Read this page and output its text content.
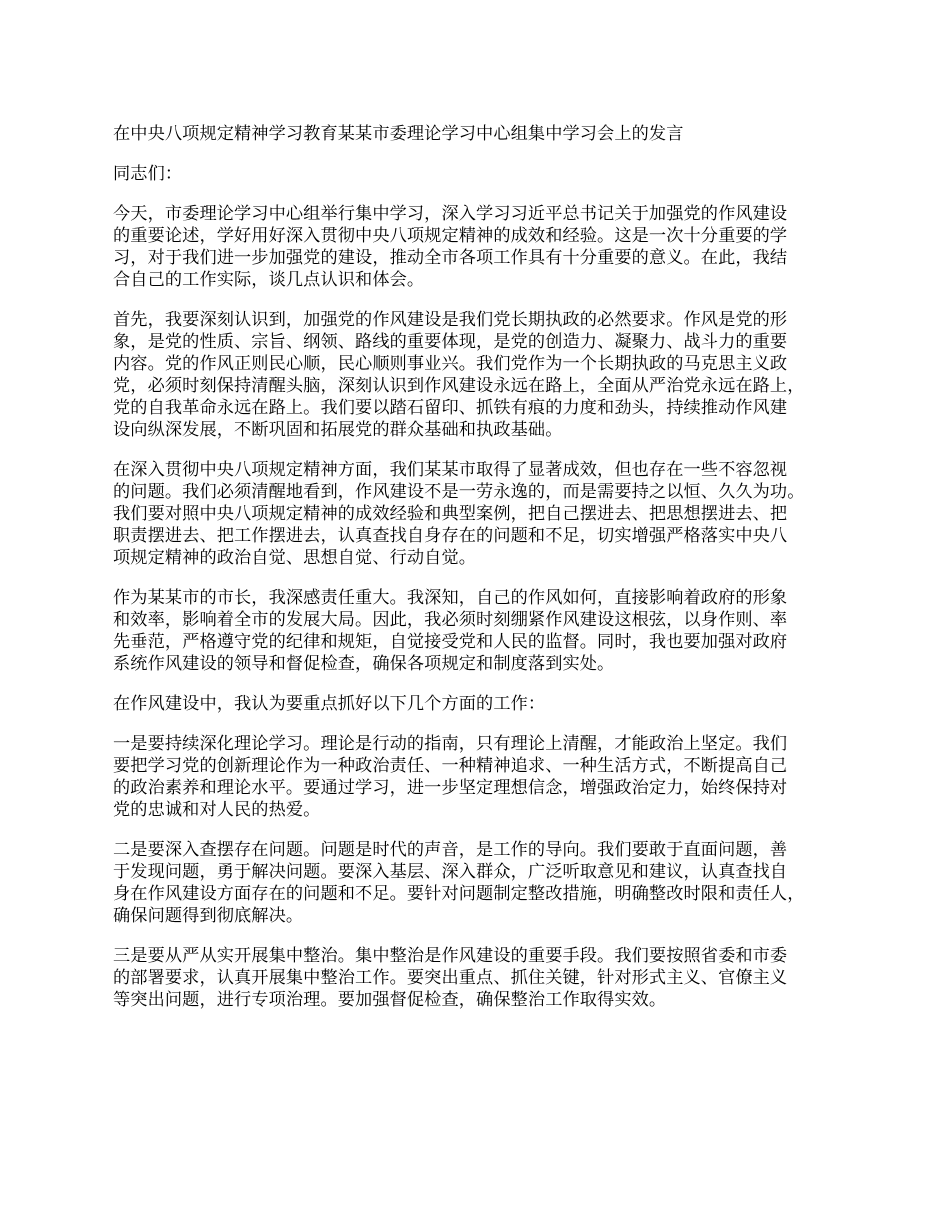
在中央八项规定精神学习教育某某市委理论学习中心组集中学习会上的发言

同志们：

今天，市委理论学习中心组举行集中学习，深入学习习近平总书记关于加强党的作风建设

的重要论述，学好用好深入贯彻中央八项规定精神的成效和经验。这是一次十分重要的学

习，对于我们进一步加强党的建设，推动全市各项工作具有十分重要的意义。在此，我结

合自己的工作实际，谈几点认识和体会。

首先，我要深刻认识到，加强党的作风建设是我们党长期执政的必然要求。作风是党的形

象，是党的性质、宗旨、纲领、路线的重要体现，是党的创造力、凝聚力、战斗力的重要

内容。党的作风正则民心顺，民心顺则事业兴。我们党作为一个长期执政的马克思主义政

党，必须时刻保持清醒头脑，深刻认识到作风建设永远在路上，全面从严治党永远在路上，

党的自我革命永远在路上。我们要以踏石留印、抓铁有痕的力度和劲头，持续推动作风建

设向纵深发展，不断巩固和拓展党的群众基础和执政基础。

在深入贯彻中央八项规定精神方面，我们某某市取得了显著成效，但也存在一些不容忽视

的问题。我们必须清醒地看到，作风建设不是一劳永逸的，而是需要持之以恒、久久为功。

我们要对照中央八项规定精神的成效经验和典型案例，把自己摆进去、把思想摆进去、把

职责摆进去、把工作摆进去，认真查找自身存在的问题和不足，切实增强严格落实中央八

项规定精神的政治自觉、思想自觉、行动自觉。

作为某某市的市长，我深感责任重大。我深知，自己的作风如何，直接影响着政府的形象

和效率，影响着全市的发展大局。因此，我必须时刻绷紧作风建设这根弦，以身作则、率

先垂范，严格遵守党的纪律和规矩，自觉接受党和人民的监督。同时，我也要加强对政府

系统作风建设的领导和督促检查，确保各项规定和制度落到实处。

在作风建设中，我认为要重点抓好以下几个方面的工作：

一是要持续深化理论学习。理论是行动的指南，只有理论上清醒，才能政治上坚定。我们

要把学习党的创新理论作为一种政治责任、一种精神追求、一种生活方式，不断提高自己

的政治素养和理论水平。要通过学习，进一步坚定理想信念，增强政治定力，始终保持对

党的忠诚和对人民的热爱。

二是要深入查摆存在问题。问题是时代的声音，是工作的导向。我们要敢于直面问题，善

于发现问题，勇于解决问题。要深入基层、深入群众，广泛听取意见和建议，认真查找自

身在作风建设方面存在的问题和不足。要针对问题制定整改措施，明确整改时限和责任人，

确保问题得到彻底解决。

三是要从严从实开展集中整治。集中整治是作风建设的重要手段。我们要按照省委和市委

的部署要求，认真开展集中整治工作。要突出重点、抓住关键，针对形式主义、官僚主义

等突出问题，进行专项治理。要加强督促检查，确保整治工作取得实效。
